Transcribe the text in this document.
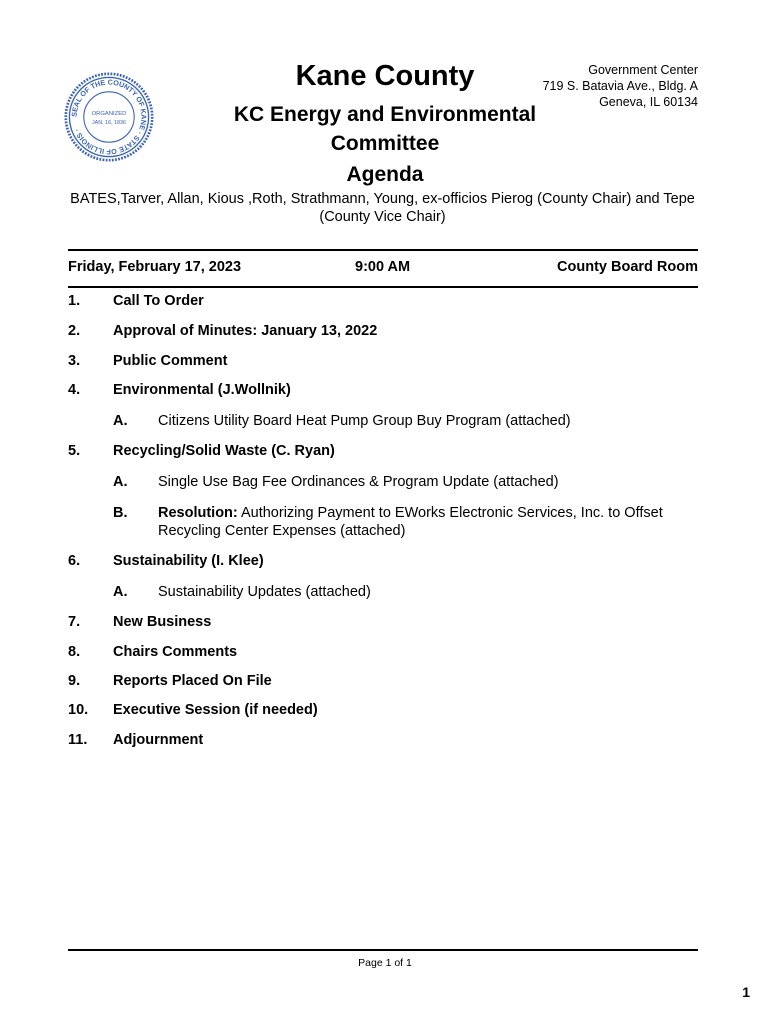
SEAL OF THE COUNTY OF KANE · STATE OF ILLINOIS ·
ORGANIZED
JAN. 16, 1836
Kane County
KC Energy and Environmental Committee
Agenda
Government Center
719 S. Batavia Ave., Bldg. A
Geneva, IL 60134
BATES,Tarver, Allan, Kious ,Roth, Strathmann, Young, ex-officios Pierog (County Chair) and Tepe (County Vice Chair)
Friday, February 17, 2023	9:00 AM	County Board Room
1. Call To Order
2. Approval of Minutes: January 13, 2022
3. Public Comment
4. Environmental (J.Wollnik)
A. Citizens Utility Board Heat Pump Group Buy Program (attached)
5. Recycling/Solid Waste (C. Ryan)
A. Single Use Bag Fee Ordinances & Program Update (attached)
B. Resolution: Authorizing Payment to EWorks Electronic Services, Inc. to Offset Recycling Center Expenses (attached)
6. Sustainability (I. Klee)
A. Sustainability Updates (attached)
7. New Business
8. Chairs Comments
9. Reports Placed On File
10. Executive Session (if needed)
11. Adjournment
Page 1 of 1
1
